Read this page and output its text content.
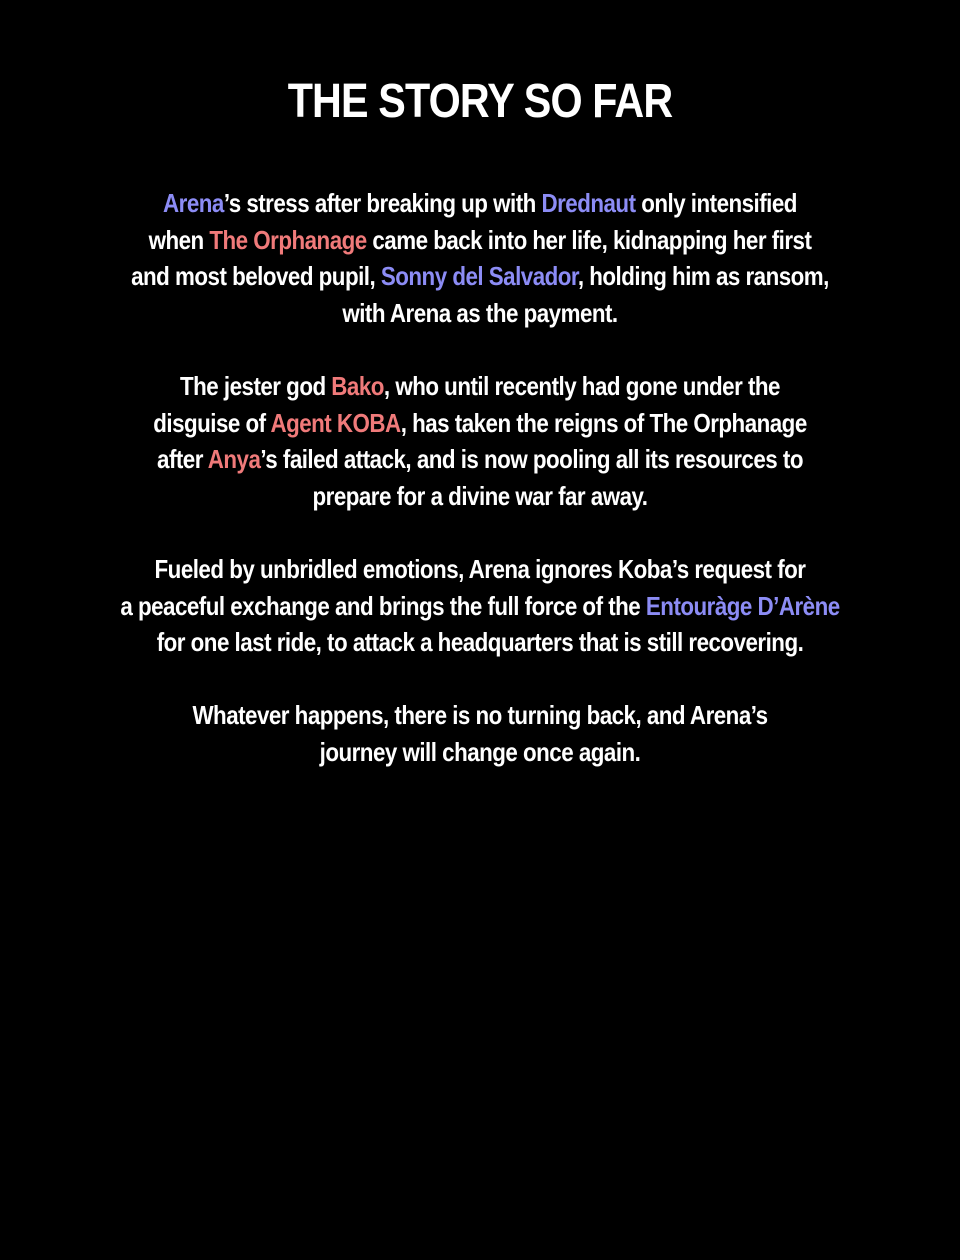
THE STORY SO FAR
Arena’s stress after breaking up with Drednaut only intensified
when The Orphanage came back into her life, kidnapping her first
and most beloved pupil, Sonny del Salvador, holding him as ransom,
with Arena as the payment.
The jester god Bako, who until recently had gone under the
disguise of Agent KOBA, has taken the reigns of The Orphanage
after Anya’s failed attack, and is now pooling all its resources to
prepare for a divine war far away.
Fueled by unbridled emotions, Arena ignores Koba’s request for
a peaceful exchange and brings the full force of the Entouràge D’Arène
for one last ride, to attack a headquarters that is still recovering.
Whatever happens, there is no turning back, and Arena’s
journey will change once again.
